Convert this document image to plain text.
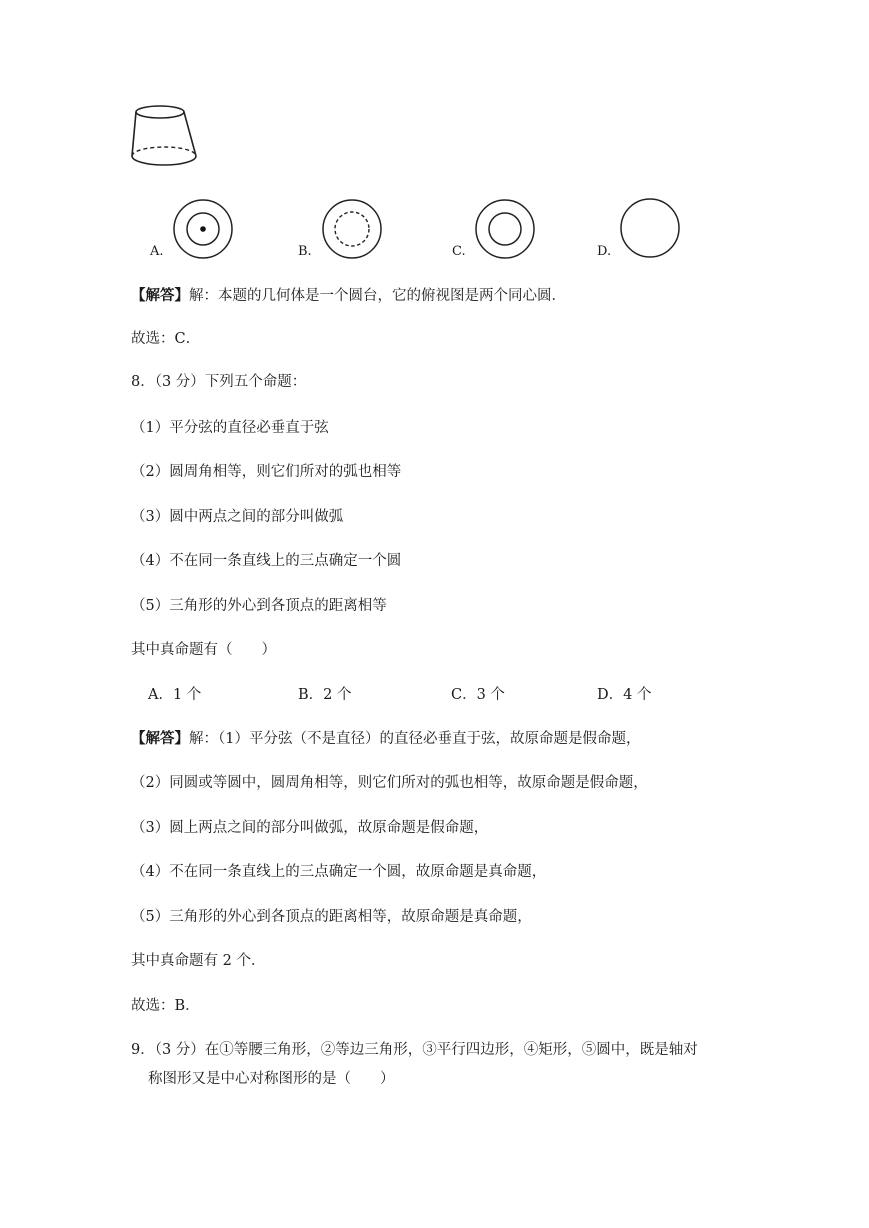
A.	B.	C.	D.
【解答】解：本题的几何体是一个圆台，它的俯视图是两个同心圆．
故选：C．
8．（3 分）下列五个命题：
（1）平分弦的直径必垂直于弦
（2）圆周角相等，则它们所对的弧也相等
（3）圆中两点之间的部分叫做弧
（4）不在同一条直线上的三点确定一个圆
（5）三角形的外心到各顶点的距离相等
其中真命题有（　　）
A．1 个	B．2 个	C．3 个	D．4 个
【解答】解：（1）平分弦（不是直径）的直径必垂直于弦，故原命题是假命题，
（2）同圆或等圆中，圆周角相等，则它们所对的弧也相等，故原命题是假命题，
（3）圆上两点之间的部分叫做弧，故原命题是假命题，
（4）不在同一条直线上的三点确定一个圆，故原命题是真命题，
（5）三角形的外心到各顶点的距离相等，故原命题是真命题，
其中真命题有 2 个．
故选：B．
9．（3 分）在①等腰三角形，②等边三角形，③平行四边形，④矩形，⑤圆中，既是轴对
称图形又是中心对称图形的是（　　）
